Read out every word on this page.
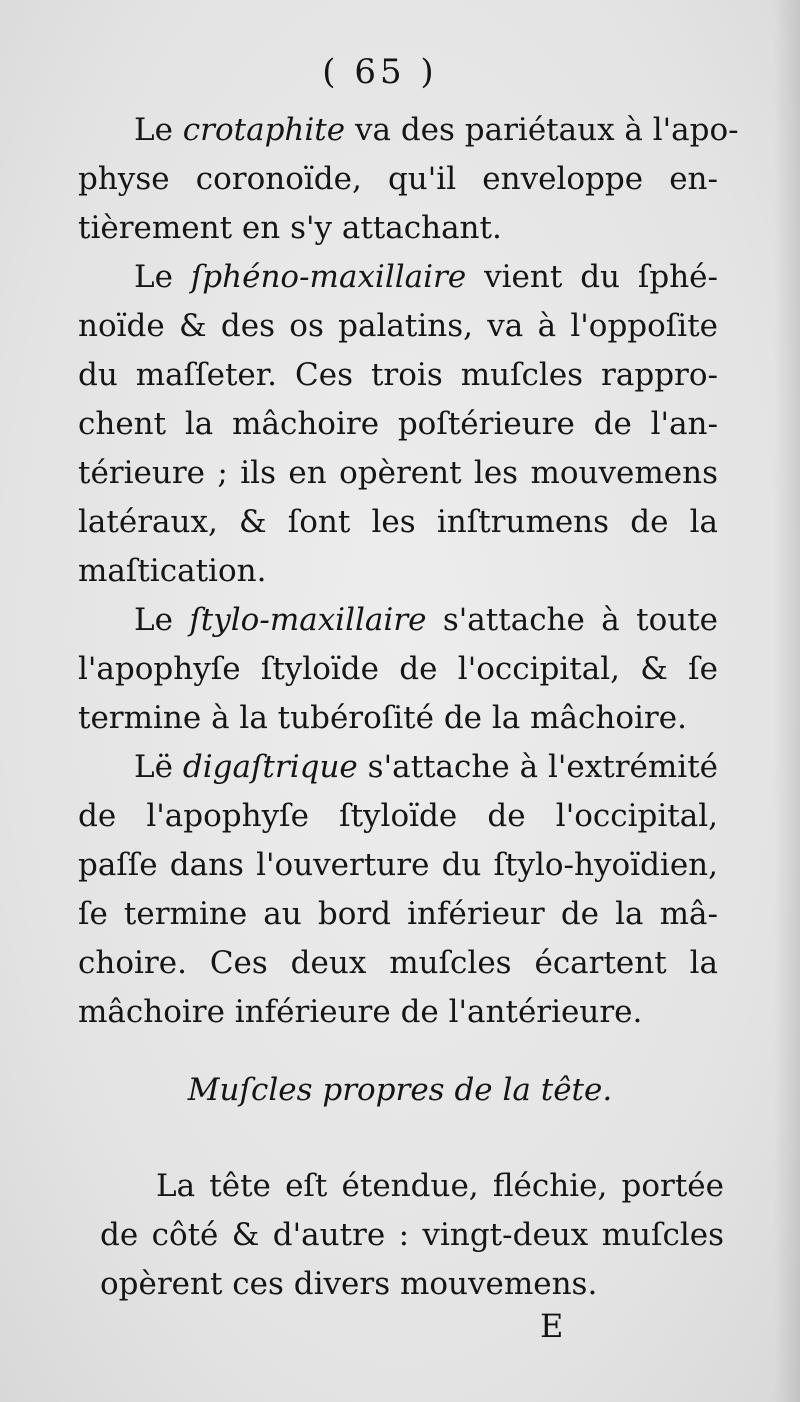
( 65 )
Le crotaphite va des pariétaux à l'apo-
physe coronoïde, qu'il enveloppe en-
tièrement en s'y attachant.
Le ſphéno-maxillaire vient du ſphé-
noïde & des os palatins, va à l'oppoſite
du maſſeter. Ces trois muſcles rappro-
chent la mâchoire poſtérieure de l'an-
térieure ; ils en opèrent les mouvemens
latéraux, & ſont les inſtrumens de la
maſtication.
Le ſtylo-maxillaire s'attache à toute
l'apophyſe ſtyloïde de l'occipital, & ſe
termine à la tubéroſité de la mâchoire.
Lë digaſtrique s'attache à l'extrémité
de l'apophyſe ſtyloïde de l'occipital,
paſſe dans l'ouverture du ſtylo-hyoïdien,
ſe termine au bord inférieur de la mâ-
choire. Ces deux muſcles écartent la
mâchoire inférieure de l'antérieure.
Muſcles propres de la tête.
La tête eſt étendue, fléchie, portée
de côté & d'autre : vingt-deux muſcles
opèrent ces divers mouvemens.
E
